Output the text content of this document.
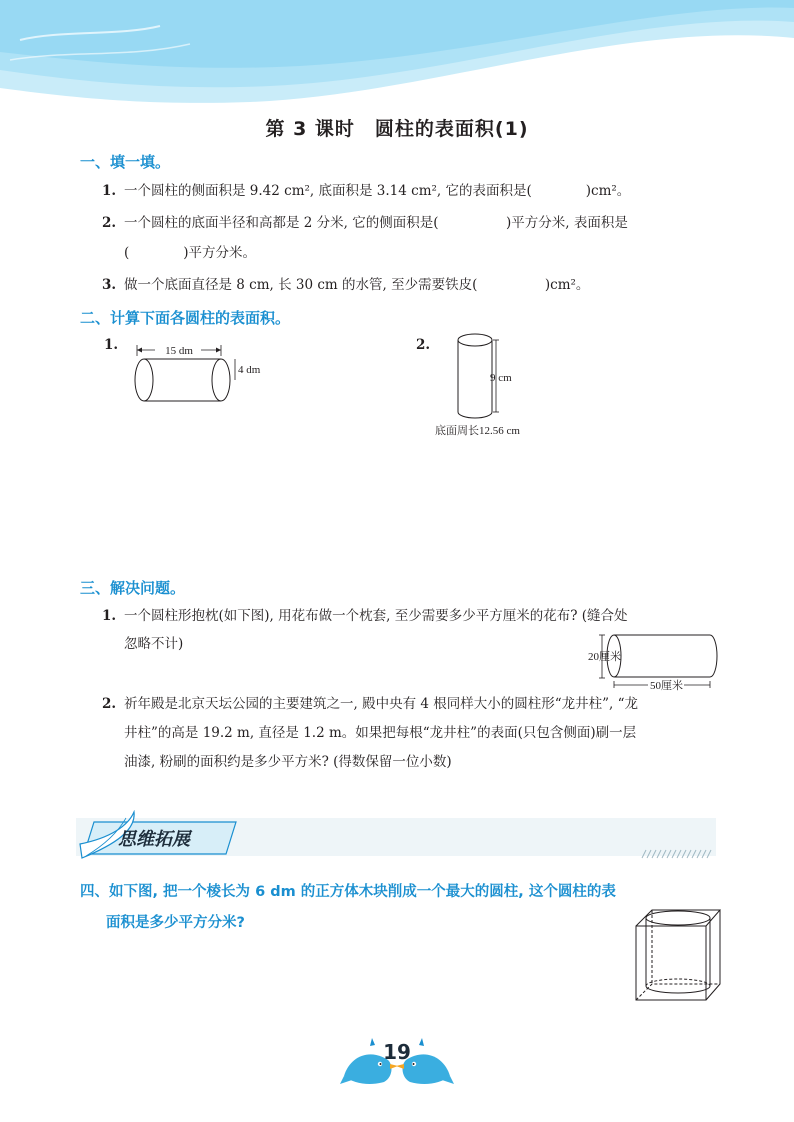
第 3 课时　圆柱的表面积(1)
一、填一填。
1. 一个圆柱的侧面积是 9.42 cm², 底面积是 3.14 cm², 它的表面积是(　　　　)cm²。
2. 一个圆柱的底面半径和高都是 2 分米, 它的侧面积是(　　　　　)平方分米, 表面积是
(　　　　)平方分米。
3. 做一个底面直径是 8 cm, 长 30 cm 的水管, 至少需要铁皮(　　　　　)cm²。
二、计算下面各圆柱的表面积。
1.	15 dm
4 dm
2.
9 cm
底面周长12.56 cm
三、解决问题。
1. 一个圆柱形抱枕(如下图), 用花布做一个枕套, 至少需要多少平方厘米的花布? (缝合处
忽略不计)
20厘米
50厘米
2. 祈年殿是北京天坛公园的主要建筑之一, 殿中央有 4 根同样大小的圆柱形“龙井柱”, “龙
井柱”的高是 19.2 m, 直径是 1.2 m。如果把每根“龙井柱”的表面(只包含侧面)刷一层
油漆, 粉刷的面积约是多少平方米? (得数保留一位小数)
思维拓展
四、如下图, 把一个棱长为 6 dm 的正方体木块削成一个最大的圆柱, 这个圆柱的表
面积是多少平方分米?
19
